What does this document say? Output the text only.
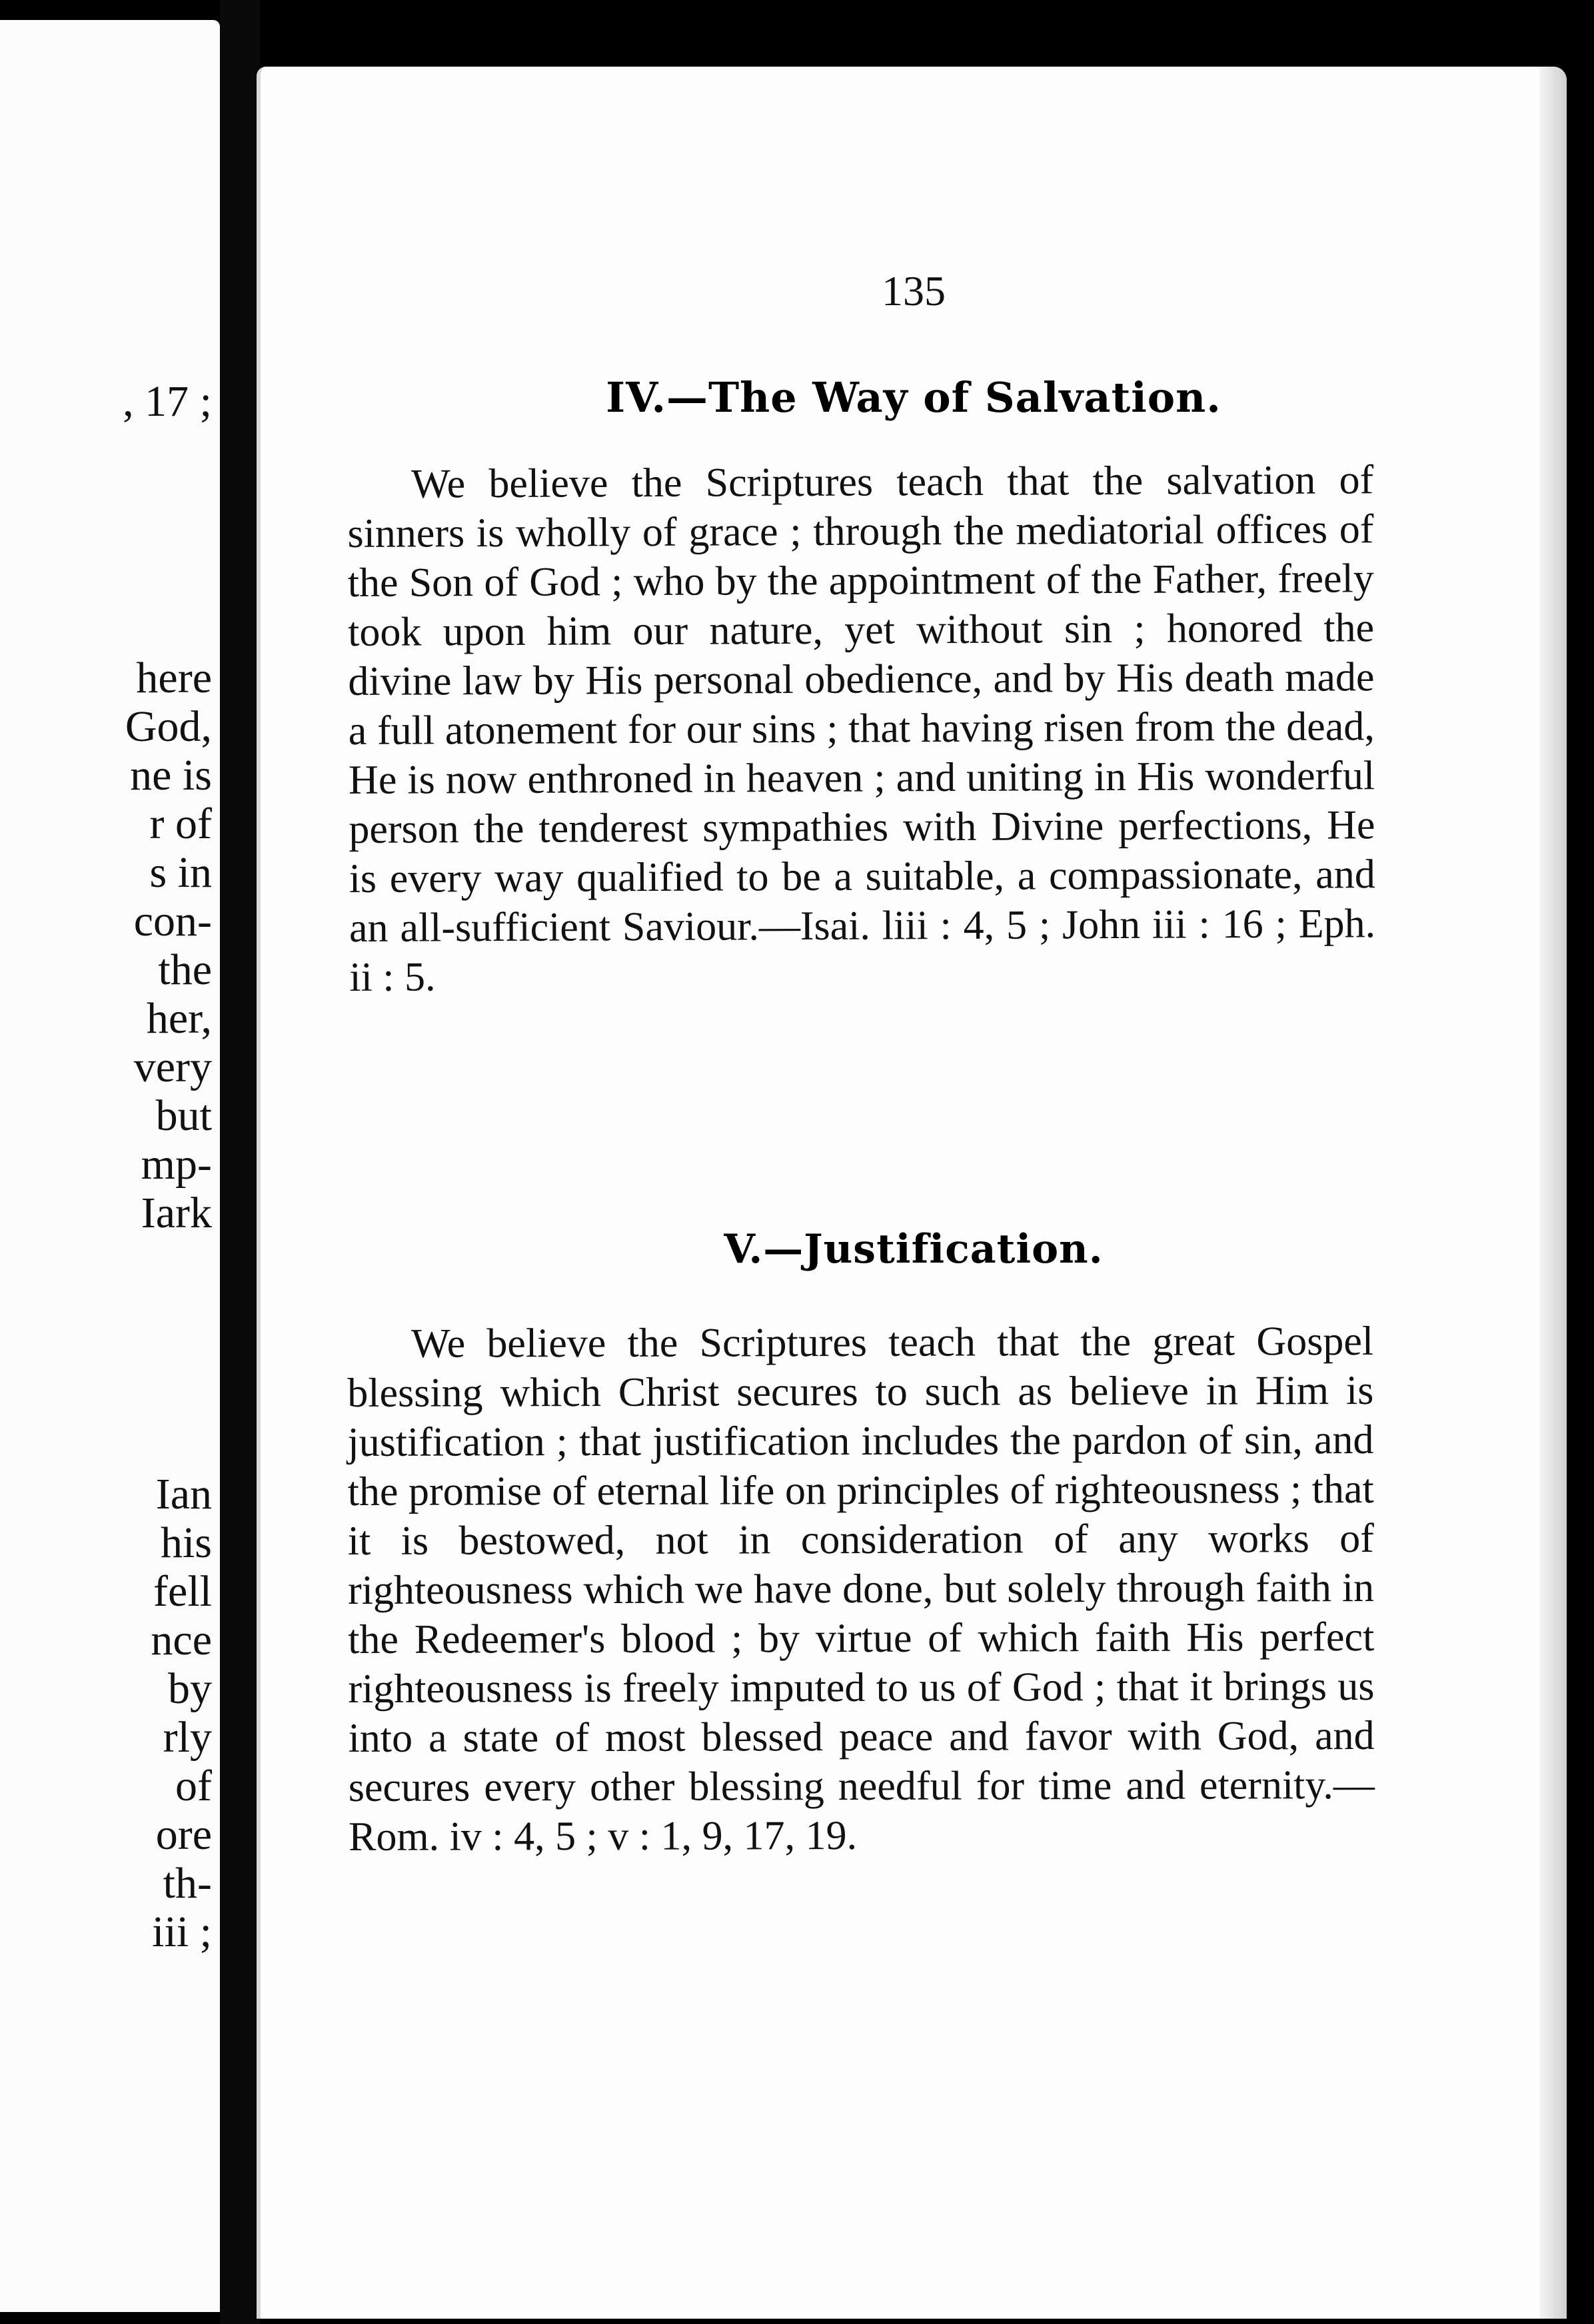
, 17 ;
here
God,
ne is
r of
s in
con-
the
her,
very
but
mp-
Iark
Ian
his
fell
nce
by
rly
of
ore
th-
iii ;
135
IV.—The Way of Salvation.

We believe the Scriptures teach that the salvation of sinners is wholly of grace ; through the mediatorial offices of the Son of God ; who by the appointment of the Father, freely took upon him our nature, yet without sin ; honored the divine law by His personal obedience, and by His death made a full atonement for our sins ; that having risen from the dead, He is now enthroned in heaven ; and uniting in His wonderful person the tenderest sympathies with Divine perfections, He is every way qualified to be a suitable, a compassionate, and an all-sufficient Saviour.—Isai. liii : 4, 5 ; John iii : 16 ; Eph. ii : 5.

V.—Justification.

We believe the Scriptures teach that the great Gospel blessing which Christ secures to such as believe in Him is justification ; that justification includes the pardon of sin, and the promise of eternal life on principles of righteousness ; that it is bestowed, not in consideration of any works of righteousness which we have done, but solely through faith in the Redeemer's blood ; by virtue of which faith His perfect righteousness is freely imputed to us of God ; that it brings us into a state of most blessed peace and favor with God, and secures every other blessing needful for time and eternity.—Rom. iv : 4, 5 ; v : 1, 9, 17, 19.
